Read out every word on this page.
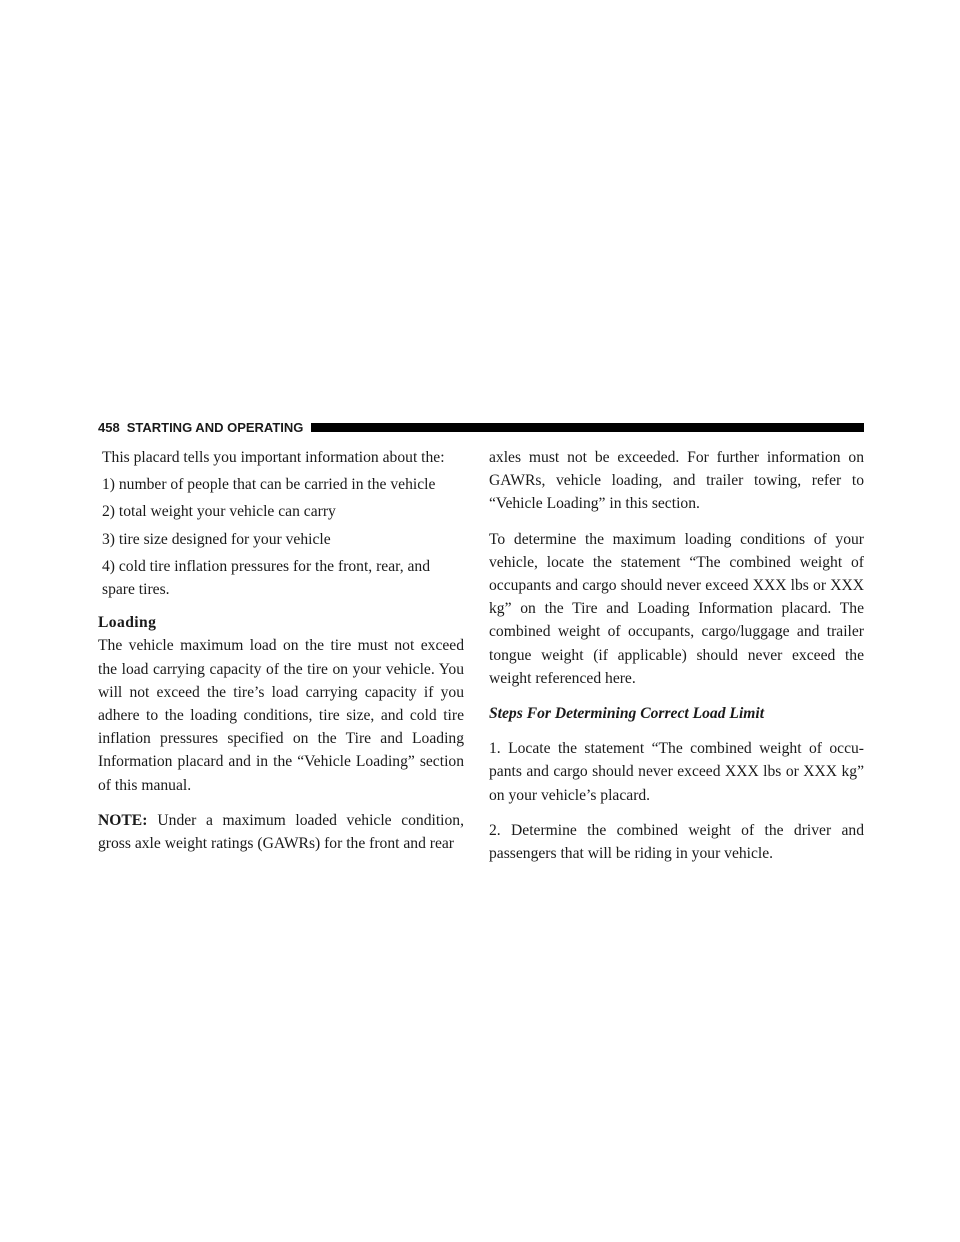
458 STARTING AND OPERATING

This placard tells you important information about the:

1) number of people that can be carried in the vehicle

2) total weight your vehicle can carry

3) tire size designed for your vehicle

4) cold tire inflation pressures for the front, rear, and spare tires.

Loading

The vehicle maximum load on the tire must not exceed the load carrying capacity of the tire on your vehicle. You will not exceed the tire’s load carrying capacity if you adhere to the loading conditions, tire size, and cold tire inflation pressures specified on the Tire and Loading Information placard and in the “Vehicle Loading” section of this manual.

NOTE: Under a maximum loaded vehicle condition, gross axle weight ratings (GAWRs) for the front and rear

axles must not be exceeded. For further information on GAWRs, vehicle loading, and trailer towing, refer to “Vehicle Loading” in this section.

To determine the maximum loading conditions of your vehicle, locate the statement “The combined weight of occupants and cargo should never exceed XXX lbs or XXX kg” on the Tire and Loading Information placard. The combined weight of occupants, cargo/luggage and trailer tongue weight (if applicable) should never exceed the weight referenced here.

Steps For Determining Correct Load Limit

1. Locate the statement “The combined weight of occu-pants and cargo should never exceed XXX lbs or XXX kg” on your vehicle’s placard.

2. Determine the combined weight of the driver and passengers that will be riding in your vehicle.
